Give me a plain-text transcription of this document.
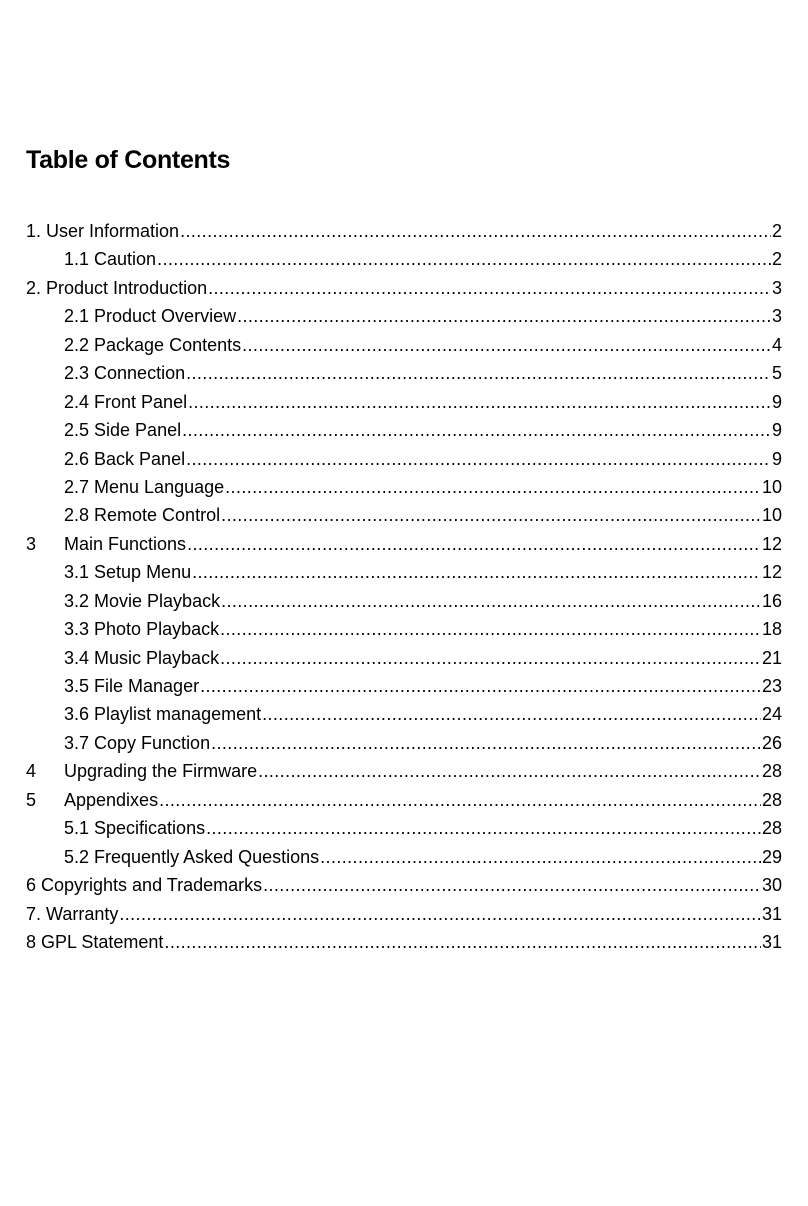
Table of Contents
1. User Information .....	2
1.1 Caution .....	2
2. Product Introduction .....	3
2.1 Product Overview .....	3
2.2 Package Contents .....	4
2.3 Connection .....	5
2.4 Front Panel .....	9
2.5 Side Panel .....	9
2.6 Back Panel .....	9
2.7 Menu Language .....	10
2.8 Remote Control .....	10
3	Main Functions .....	12
3.1 Setup Menu .....	12
3.2 Movie Playback .....	16
3.3 Photo Playback .....	18
3.4 Music Playback .....	21
3.5 File Manager .....	23
3.6 Playlist management .....	24
3.7 Copy Function .....	26
4	Upgrading the Firmware .....	28
5	Appendixes .....	28
5.1 Specifications .....	28
5.2 Frequently Asked Questions .....	29
6 Copyrights and Trademarks .....	30
7. Warranty .....	31
8 GPL Statement .....	31
